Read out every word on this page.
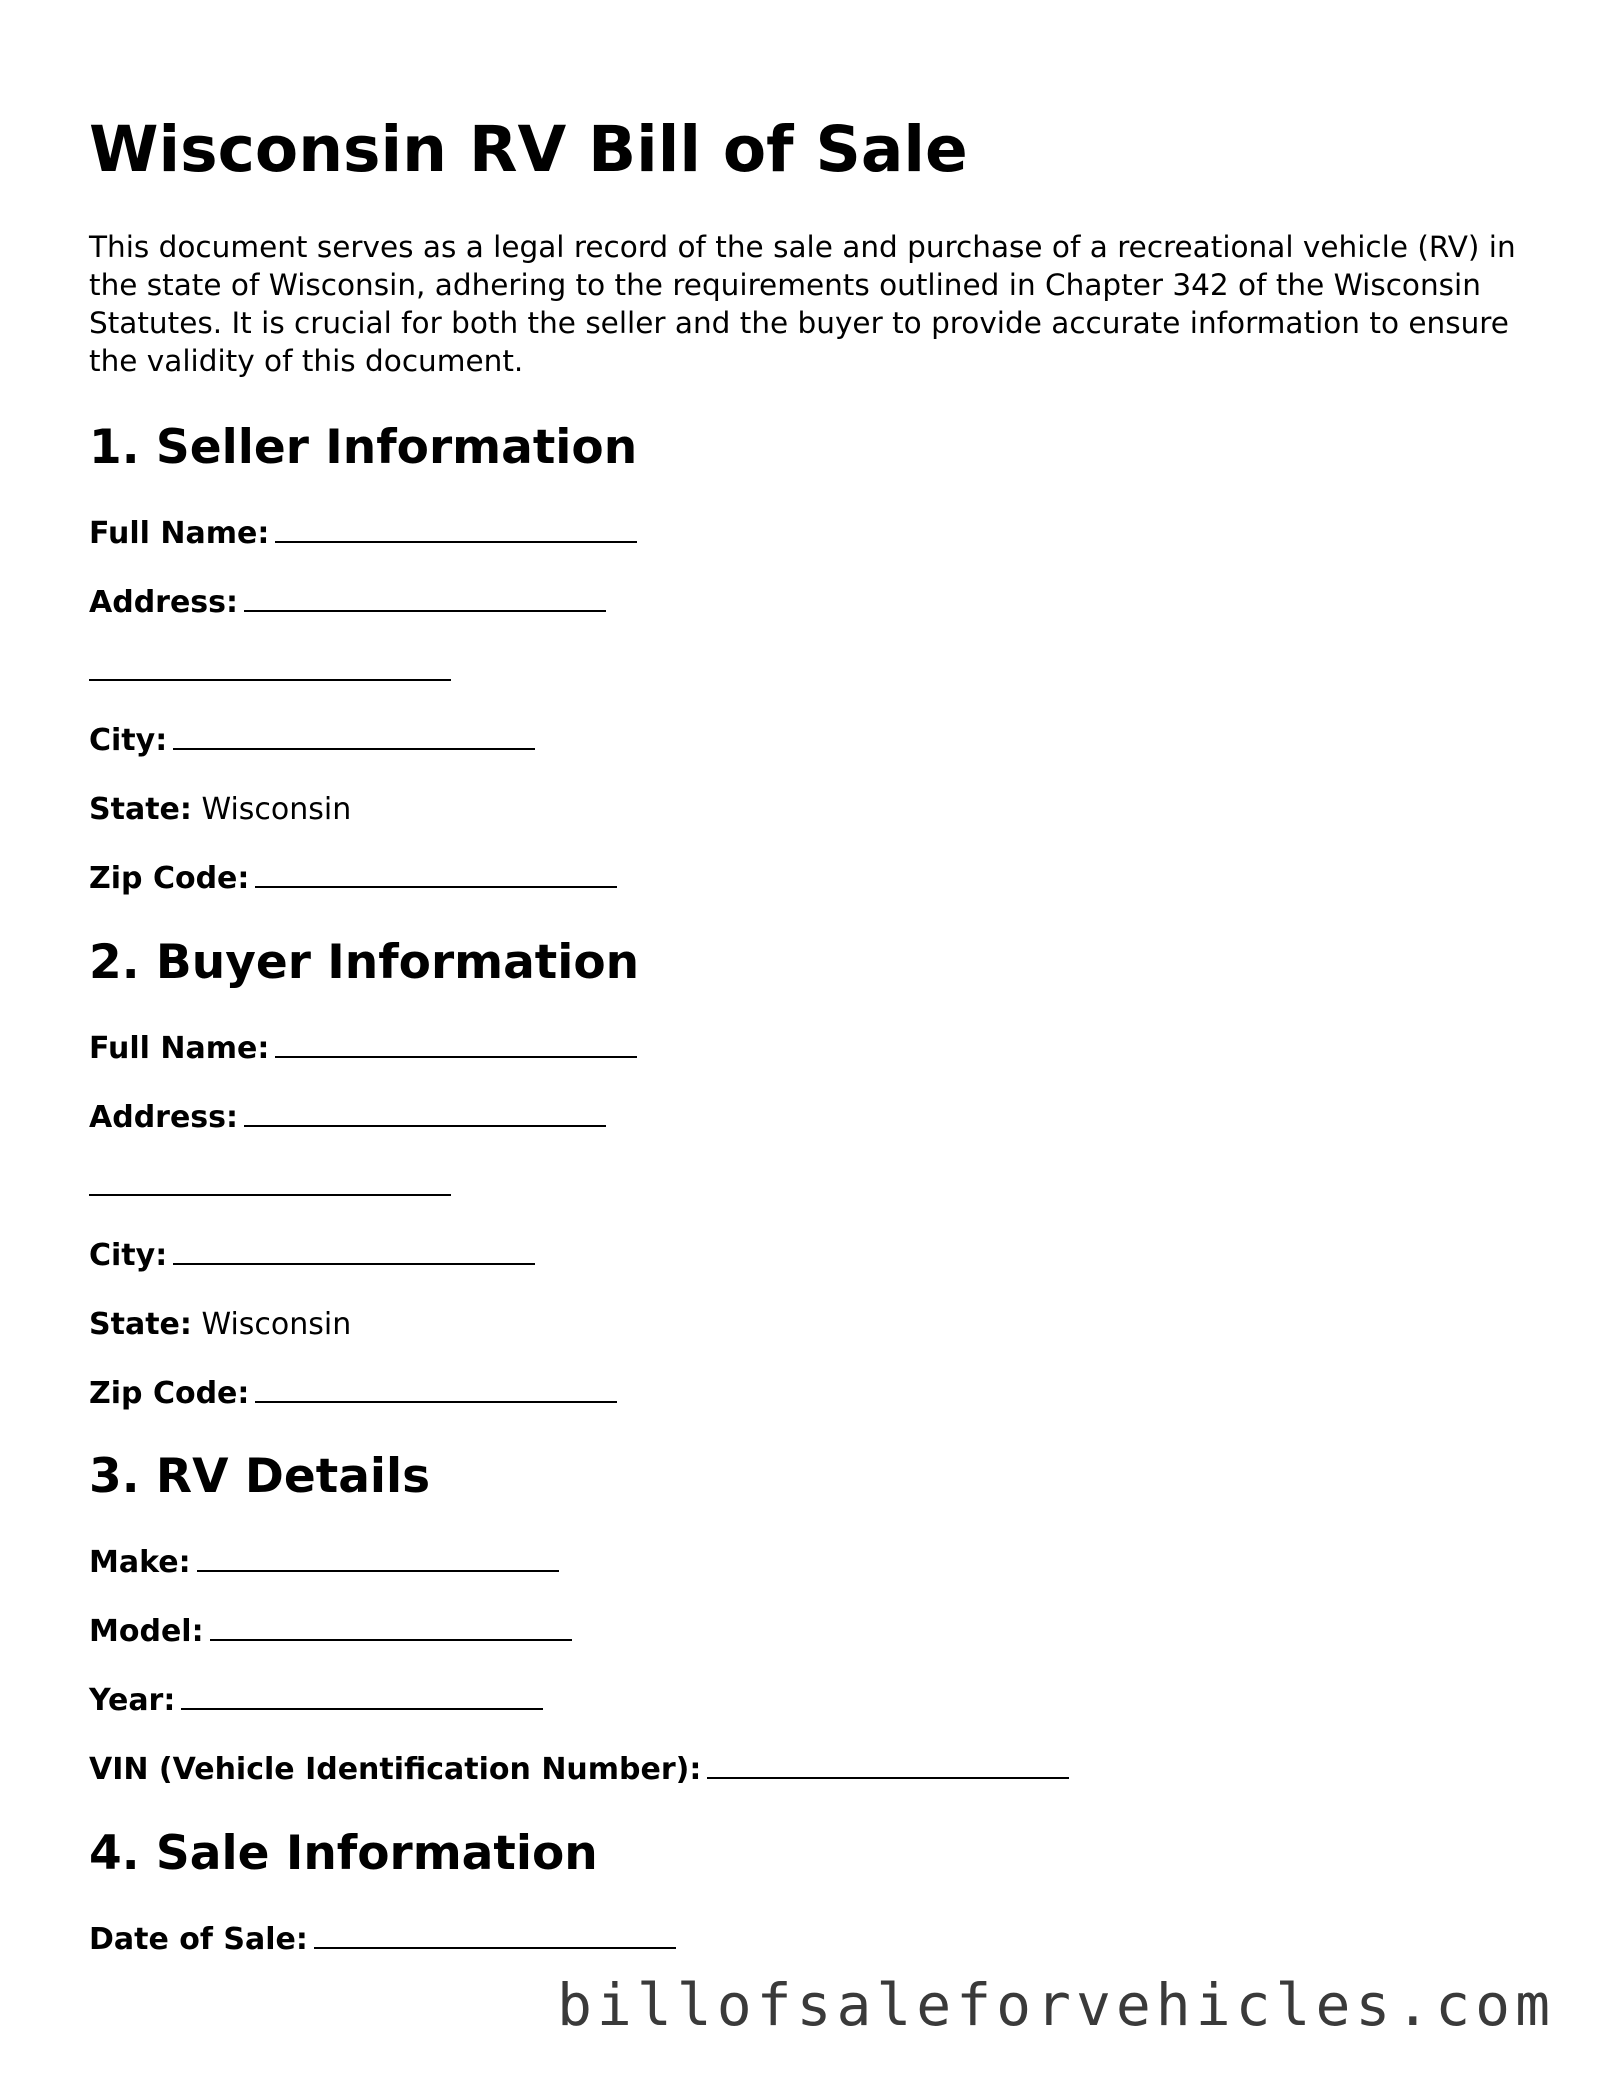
Wisconsin RV Bill of Sale

This document serves as a legal record of the sale and purchase of a recreational vehicle (RV) in the state of Wisconsin, adhering to the requirements outlined in Chapter 342 of the Wisconsin Statutes. It is crucial for both the seller and the buyer to provide accurate information to ensure the validity of this document.

1. Seller Information
Full Name:
Address:
City:
State: Wisconsin
Zip Code:
2. Buyer Information
Full Name:
Address:
City:
State: Wisconsin
Zip Code:
3. RV Details
Make:
Model:
Year:
VIN (Vehicle Identification Number):
4. Sale Information
Date of Sale:
billofsaleforvehicles.com
